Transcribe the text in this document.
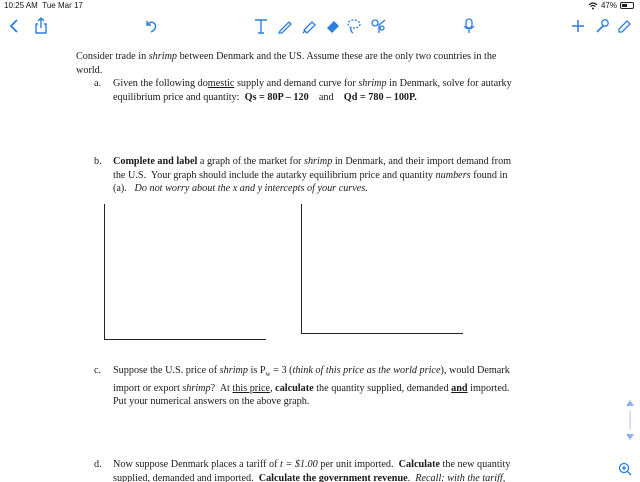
10:25 AM Tue Mar 17	47%
Consider trade in shrimp between Denmark and the US. Assume these are the only two countries in the
world.
a. Given the following domestic supply and demand curve for shrimp in Denmark, solve for autarky
equilibrium price and quantity: Qs = 80P – 120 and Qd = 780 – 100P.
b. Complete and label a graph of the market for shrimp in Denmark, and their import demand from
the U.S.  Your graph should include the autarky equilibrium price and quantity numbers found in
(a). Do not worry about the x and y intercepts of your curves.
c. Suppose the U.S. price of shrimp is $P_w = 3$ (think of this price as the world price), would Demark
import or export shrimp?  At this price, calculate the quantity supplied, demanded and imported.
Put your numerical answers on the above graph.
d. Now suppose Denmark places a tariff of t = $1.00 per unit imported.  Calculate the new quantity
supplied, demanded and imported.  Calculate the government revenue.  Recall: with the tariff,
